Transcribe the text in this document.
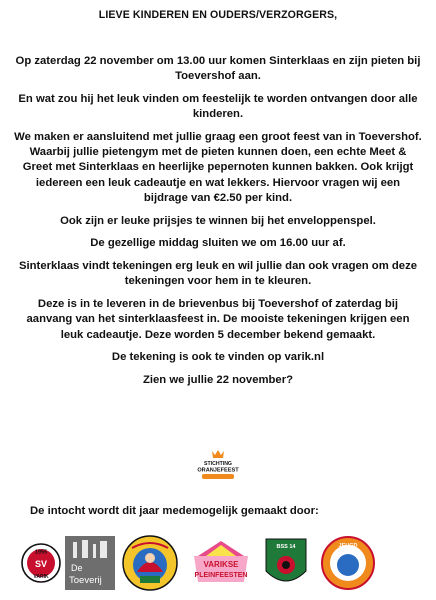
LIEVE KINDEREN EN OUDERS/VERZORGERS,

Op zaterdag 22 november om 13.00 uur komen Sinterklaas en zijn pieten bij Toevershof aan.

En wat zou hij het leuk vinden om feestelijk te worden ontvangen door alle kinderen.

We maken er aansluitend met jullie graag een groot feest van in Toevershof. Waarbij jullie pietengym met de pieten kunnen doen, een echte Meet & Greet met Sinterklaas en heerlijke pepernoten kunnen bakken. Ook krijgt iedereen een leuk cadeautje en wat lekkers. Hiervoor vragen wij een bijdrage van €2.50 per kind.

Ook zijn er leuke prijsjes te winnen bij het enveloppenspel.

De gezellige middag sluiten we om 16.00 uur af.

Sinterklaas vindt tekeningen erg leuk en wil jullie dan ook vragen om deze tekeningen voor hem in te kleuren.

Deze is in te leveren in de brievenbus bij Toevershof of zaterdag bij aanvang van het sinterklaasfeest in. De mooiste tekeningen krijgen een leuk cadeautje. Deze worden 5 december bekend gemaakt.

De tekening is ook te vinden op varik.nl

Zien we jullie 22 november?

STICHTING
ORANJEFEEST
De intocht wordt dit jaar medemogelijk gemaakt door:
1955
SV
VARIK
De
Toeverij
VARIKSE
PLEINFEESTEN
BSS 14	JEUGD
